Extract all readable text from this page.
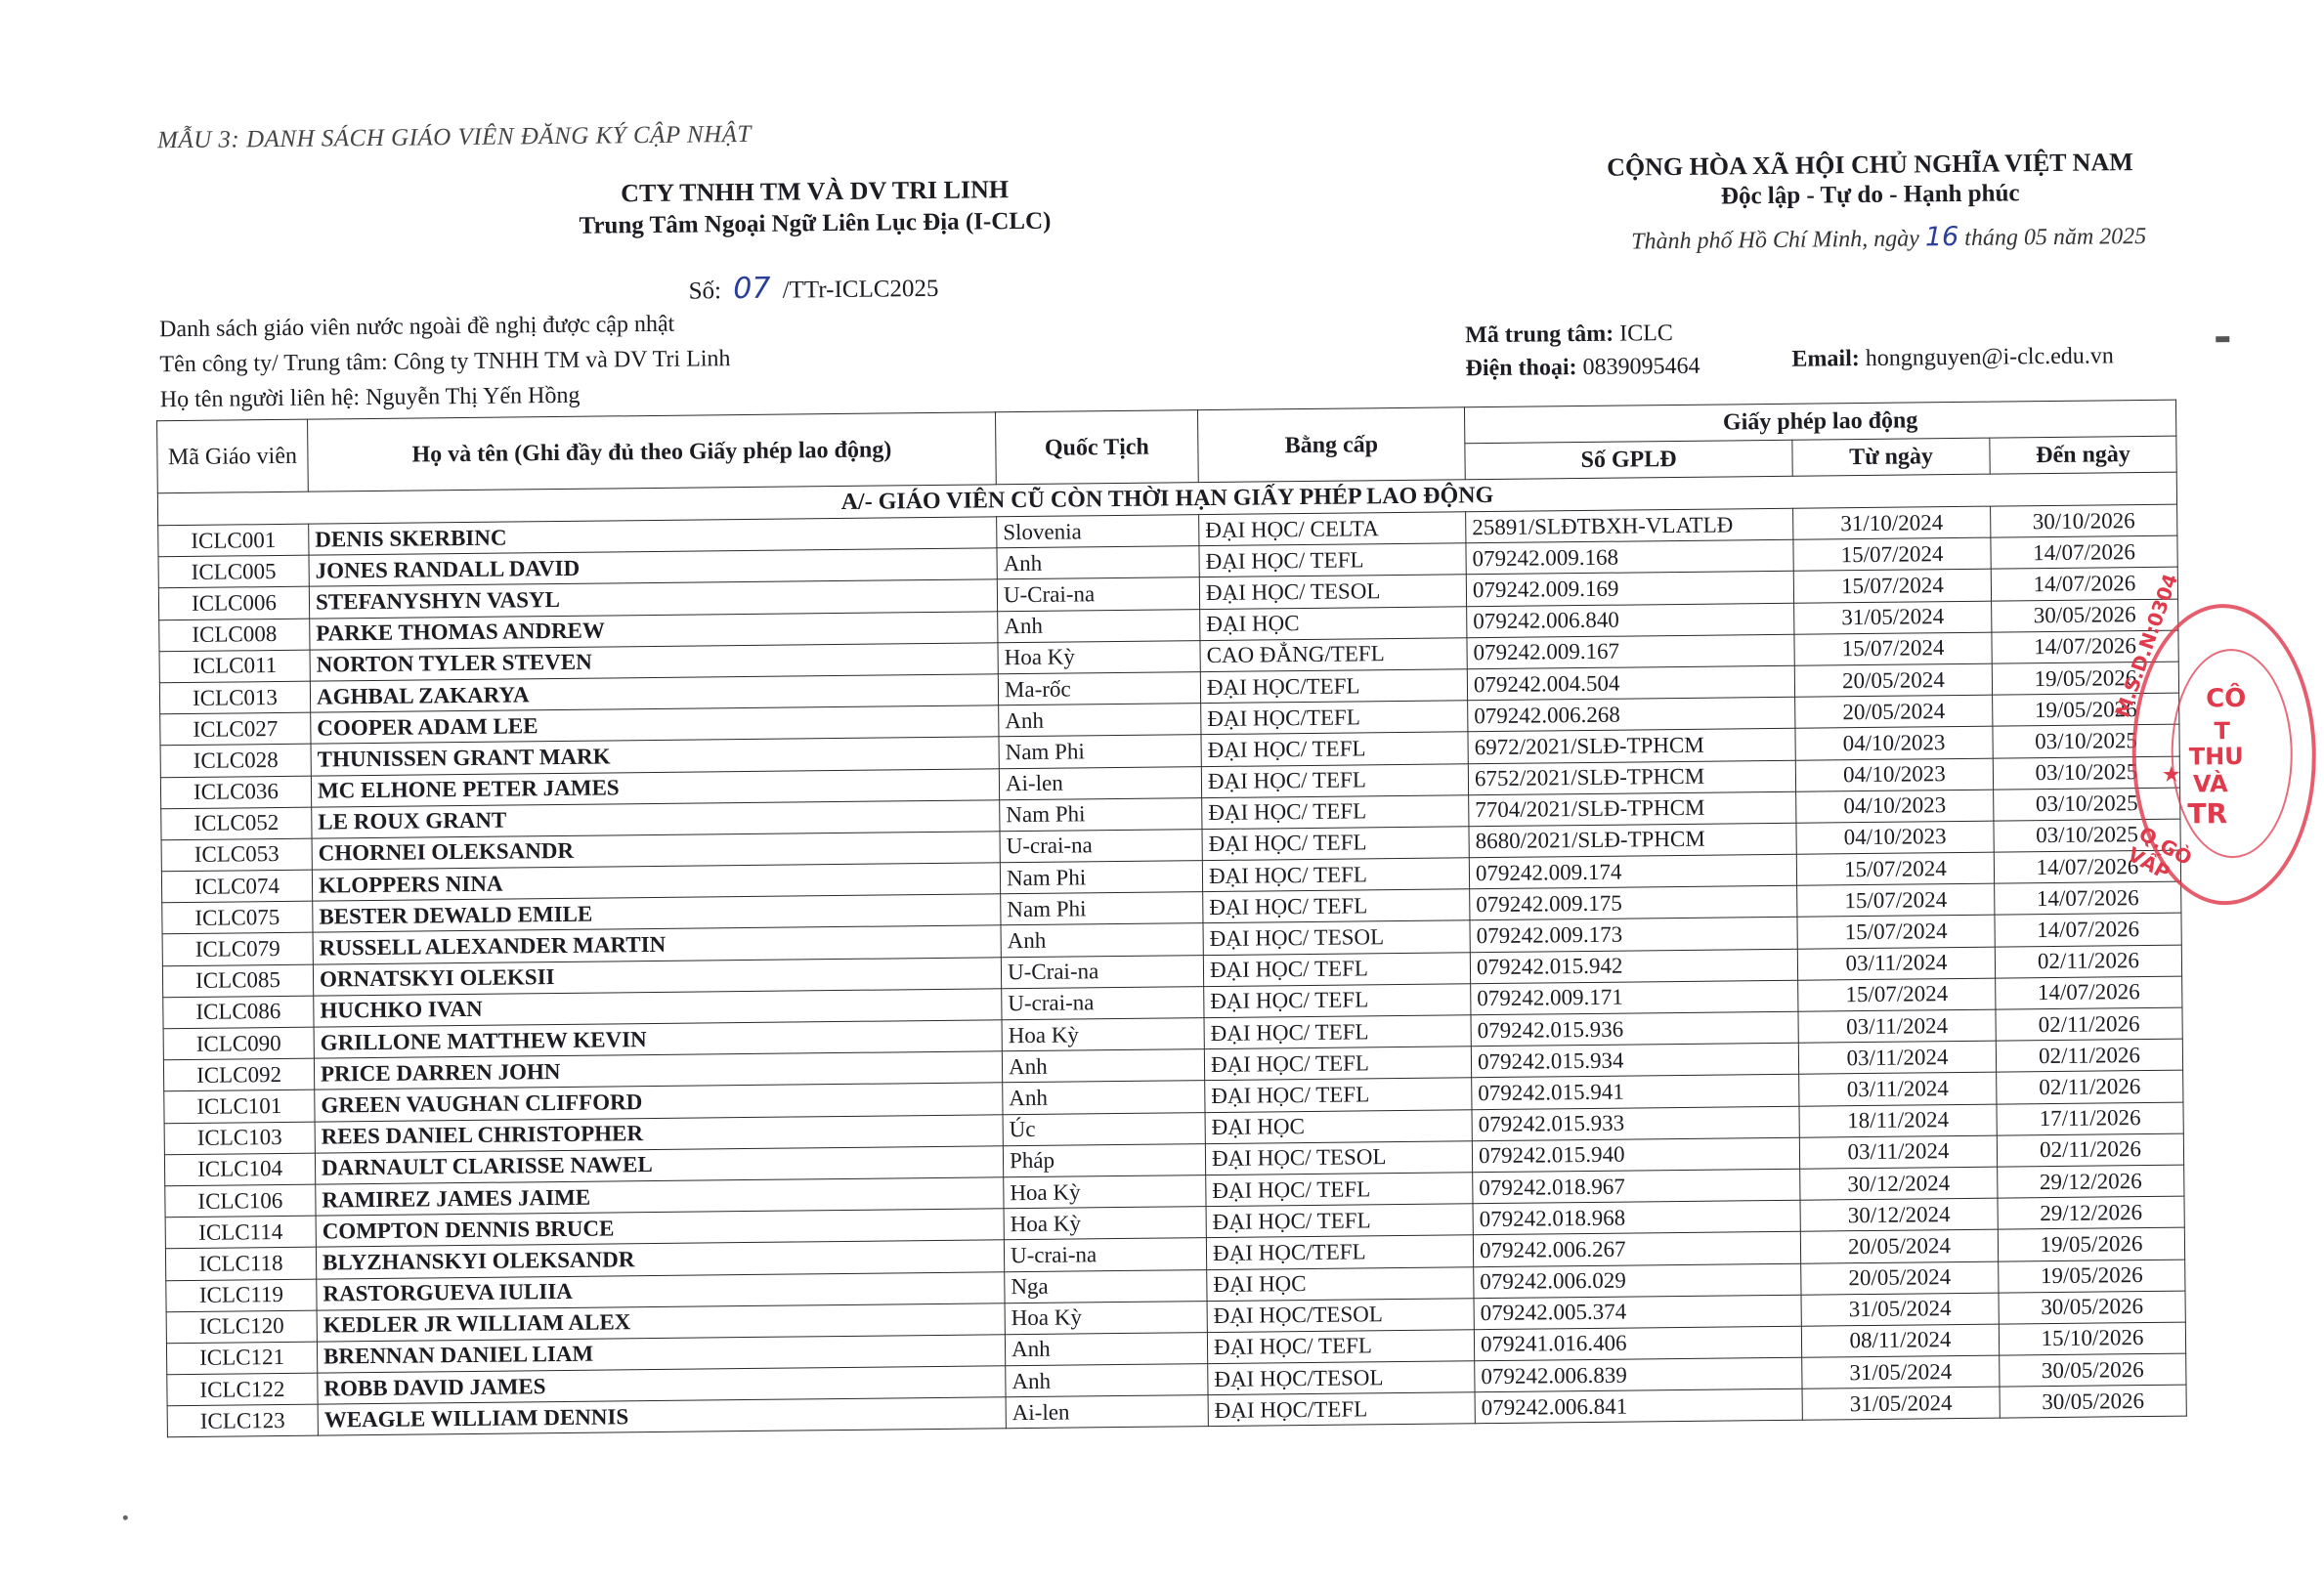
MẪU 3: DANH SÁCH GIÁO VIÊN ĐĂNG KÝ CẬP NHẬT
CTY TNHH TM VÀ DV TRI LINH
Trung Tâm Ngoại Ngữ Liên Lục Địa (I-CLC)
Số: 07 /TTr-ICLC2025
CỘNG HÒA XÃ HỘI CHỦ NGHĨA VIỆT NAM
Độc lập - Tự do - Hạnh phúc
Thành phố Hồ Chí Minh, ngày 16 tháng 05 năm 2025
Danh sách giáo viên nước ngoài đề nghị được cập nhật
Tên công ty/ Trung tâm: Công ty TNHH TM và DV Tri Linh
Họ tên người liên hệ: Nguyễn Thị Yến Hồng
Mã trung tâm: ICLC
Điện thoại: 0839095464	Email: hongnguyen@i-clc.edu.vn
Mã Giáo viên	Họ và tên (Ghi đầy đủ theo Giấy phép lao động)	Quốc Tịch	Bằng cấp	Giấy phép lao động		
				Số GPLĐ	Từ ngày	Đến ngày
A/- GIÁO VIÊN CŨ CÒN THỜI HẠN GIẤY PHÉP LAO ĐỘNG						
ICLC001	DENIS SKERBINC	Slovenia	ĐẠI HỌC/ CELTA	25891/SLĐTBXH-VLATLĐ	31/10/2024	30/10/2026
ICLC005	JONES RANDALL DAVID	Anh	ĐẠI HỌC/ TEFL	079242.009.168	15/07/2024	14/07/2026
ICLC006	STEFANYSHYN VASYL	U-Crai-na	ĐẠI HỌC/ TESOL	079242.009.169	15/07/2024	14/07/2026
ICLC008	PARKE THOMAS ANDREW	Anh	ĐẠI HỌC	079242.006.840	31/05/2024	30/05/2026
ICLC011	NORTON TYLER STEVEN	Hoa Kỳ	CAO ĐẲNG/TEFL	079242.009.167	15/07/2024	14/07/2026
ICLC013	AGHBAL ZAKARYA	Ma-rốc	ĐẠI HỌC/TEFL	079242.004.504	20/05/2024	19/05/2026
ICLC027	COOPER ADAM LEE	Anh	ĐẠI HỌC/TEFL	079242.006.268	20/05/2024	19/05/2026
ICLC028	THUNISSEN GRANT MARK	Nam Phi	ĐẠI HỌC/ TEFL	6972/2021/SLĐ-TPHCM	04/10/2023	03/10/2025
ICLC036	MC ELHONE PETER JAMES	Ai-len	ĐẠI HỌC/ TEFL	6752/2021/SLĐ-TPHCM	04/10/2023	03/10/2025
ICLC052	LE ROUX GRANT	Nam Phi	ĐẠI HỌC/ TEFL	7704/2021/SLĐ-TPHCM	04/10/2023	03/10/2025
ICLC053	CHORNEI OLEKSANDR	U-crai-na	ĐẠI HỌC/ TEFL	8680/2021/SLĐ-TPHCM	04/10/2023	03/10/2025
ICLC074	KLOPPERS NINA	Nam Phi	ĐẠI HỌC/ TEFL	079242.009.174	15/07/2024	14/07/2026
ICLC075	BESTER DEWALD EMILE	Nam Phi	ĐẠI HỌC/ TEFL	079242.009.175	15/07/2024	14/07/2026
ICLC079	RUSSELL ALEXANDER MARTIN	Anh	ĐẠI HỌC/ TESOL	079242.009.173	15/07/2024	14/07/2026
ICLC085	ORNATSKYI OLEKSII	U-Crai-na	ĐẠI HỌC/ TEFL	079242.015.942	03/11/2024	02/11/2026
ICLC086	HUCHKO IVAN	U-crai-na	ĐẠI HỌC/ TEFL	079242.009.171	15/07/2024	14/07/2026
ICLC090	GRILLONE MATTHEW KEVIN	Hoa Kỳ	ĐẠI HỌC/ TEFL	079242.015.936	03/11/2024	02/11/2026
ICLC092	PRICE DARREN JOHN	Anh	ĐẠI HỌC/ TEFL	079242.015.934	03/11/2024	02/11/2026
ICLC101	GREEN VAUGHAN CLIFFORD	Anh	ĐẠI HỌC/ TEFL	079242.015.941	03/11/2024	02/11/2026
ICLC103	REES DANIEL CHRISTOPHER	Úc	ĐẠI HỌC	079242.015.933	18/11/2024	17/11/2026
ICLC104	DARNAULT CLARISSE NAWEL	Pháp	ĐẠI HỌC/ TESOL	079242.015.940	03/11/2024	02/11/2026
ICLC106	RAMIREZ JAMES JAIME	Hoa Kỳ	ĐẠI HỌC/ TEFL	079242.018.967	30/12/2024	29/12/2026
ICLC114	COMPTON DENNIS BRUCE	Hoa Kỳ	ĐẠI HỌC/ TEFL	079242.018.968	30/12/2024	29/12/2026
ICLC118	BLYZHANSKYI OLEKSANDR	U-crai-na	ĐẠI HỌC/TEFL	079242.006.267	20/05/2024	19/05/2026
ICLC119	RASTORGUEVA IULIIA	Nga	ĐẠI HỌC	079242.006.029	20/05/2024	19/05/2026
ICLC120	KEDLER JR WILLIAM ALEX	Hoa Kỳ	ĐẠI HỌC/TESOL	079242.005.374	31/05/2024	30/05/2026
ICLC121	BRENNAN DANIEL LIAM	Anh	ĐẠI HỌC/ TEFL	079241.016.406	08/11/2024	15/10/2026
ICLC122	ROBB DAVID JAMES	Anh	ĐẠI HỌC/TESOL	079242.006.839	31/05/2024	30/05/2026
ICLC123	WEAGLE WILLIAM DENNIS	Ai-len	ĐẠI HỌC/TEFL	079242.006.841	31/05/2024	30/05/2026
M.S.D.N:0304 CÔ
T
THU
VÀ
★
TR
Q.GÒ VẤP
